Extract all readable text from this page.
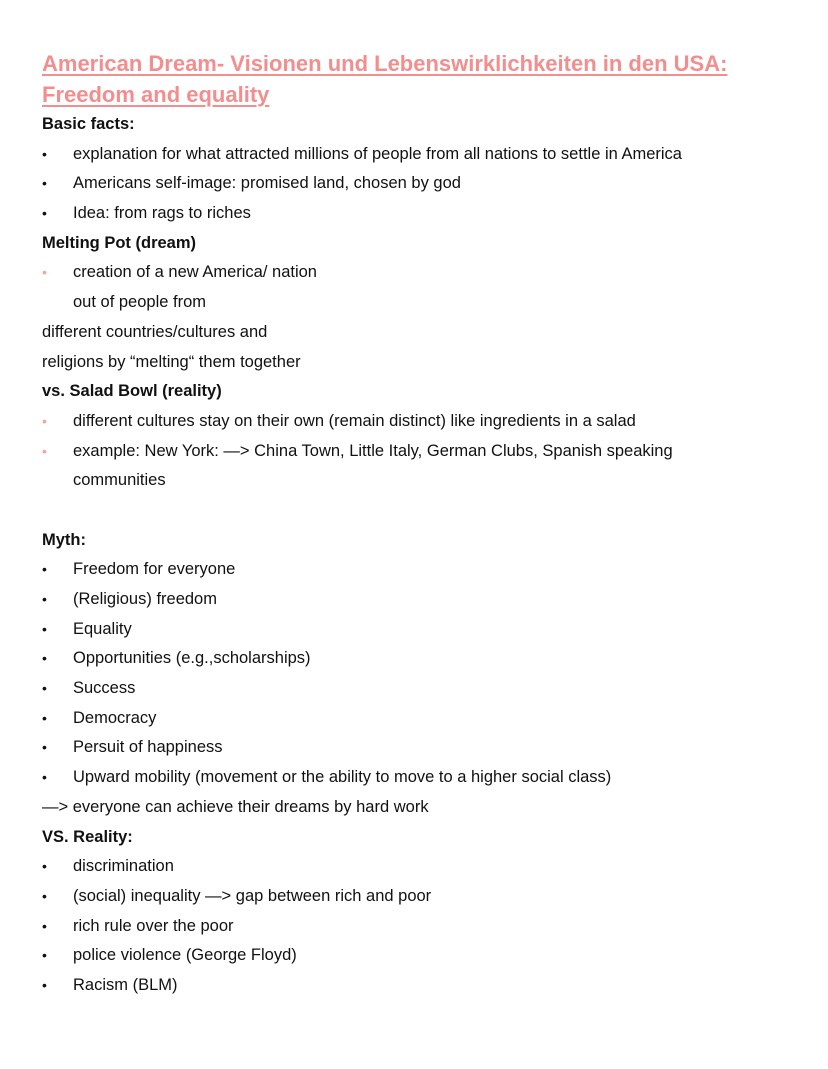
American Dream- Visionen und Lebenswirklichkeiten in den USA:
Freedom and equality
Basic facts:
•	explanation for what attracted millions of people from all nations to settle in America
•	Americans self-image: promised land, chosen by god
•	Idea: from rags to riches
Melting Pot (dream)
•	creation of a new America/ nation
out of people from
different countries/cultures and
religions by “melting“ them together
vs. Salad Bowl (reality)
•	different cultures stay on their own (remain distinct) like ingredients in a salad
•	example: New York: —> China Town, Little Italy, German Clubs, Spanish speaking
communities
Myth:
•	Freedom for everyone
•	(Religious) freedom
•	Equality
•	Opportunities (e.g.,scholarships)
•	Success
•	Democracy
•	Persuit of happiness
•	Upward mobility (movement or the ability to move to a higher social class)
—> everyone can achieve their dreams by hard work
VS. Reality:
•	discrimination
•	(social) inequality —> gap between rich and poor
•	rich rule over the poor
•	police violence (George Floyd)
•	Racism (BLM)
